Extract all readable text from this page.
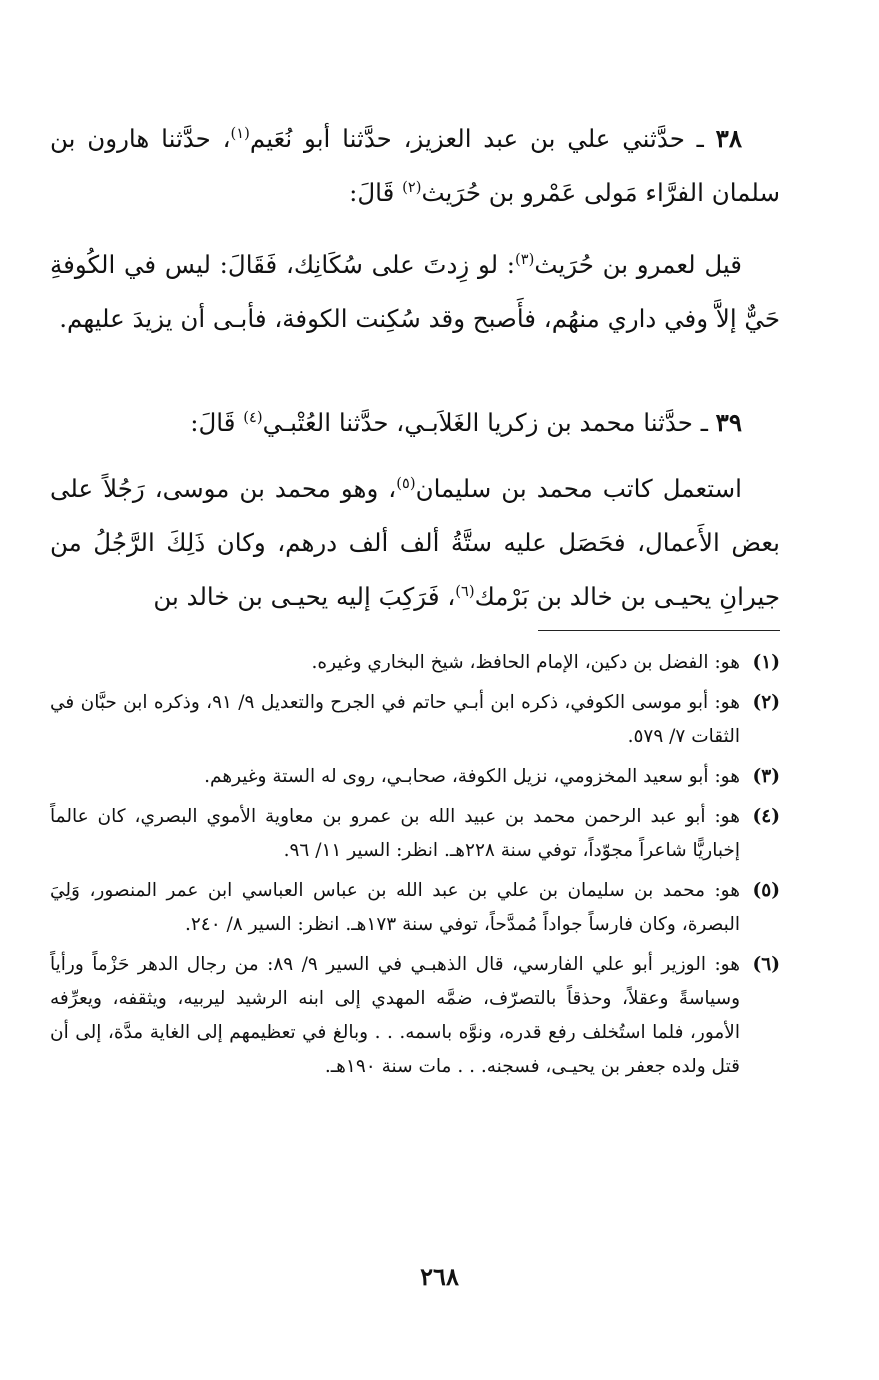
٣٨ ـ حدَّثني علي بن عبد العزيز، حدَّثنا أبو نُعَيم$^{(١)}$، حدَّثنا هارون بن سلمان الفرَّاء مَولى عَمْرو بن حُرَيث$^{(٢)}$ قَالَ:

قيل لعمرو بن حُرَيث$^{(٣)}$: لو زِدتَ على سُكَانِك، فَقَالَ: ليس في الكُوفةِ حَيٌّ إلاَّ وفي داري منهُم، فأَصبح وقد سُكِنت الكوفة، فأبـى أن يزيدَ عليهم.

٣٩ ـ حدَّثنا محمد بن زكريا الغَلاَبـي، حدَّثنا العُتْبـي$^{(٤)}$ قَالَ:

استعمل كاتب محمد بن سليمان$^{(٥)}$، وهو محمد بن موسى، رَجُلاً على بعض الأَعمال، فحَصَل عليه ستَّةُ ألف ألف درهم، وكان ذَلِكَ الرَّجُلُ من جيرانِ يحيـى بن خالد بن بَرْمك$^{(٦)}$، فَرَكِبَ إليه يحيـى بن خالد بن

(١)
هو: الفضل بن دكين، الإمام الحافظ، شيخ البخاري وغيره.
(٢)
هو: أبو موسى الكوفي، ذكره ابن أبـي حاتم في الجرح والتعديل ٩/ ٩١، وذكره ابن حبَّان في الثقات ٧/ ٥٧٩.
(٣)
هو: أبو سعيد المخزومي، نزيل الكوفة، صحابـي، روى له الستة وغيرهم.
(٤)
هو: أبو عبد الرحمن محمد بن عبيد الله بن عمرو بن معاوية الأموي البصري، كان عالماً إخباريًّا شاعراً مجوّداً، توفي سنة ٢٢٨هـ. انظر: السير ١١/ ٩٦.
(٥)
هو: محمد بن سليمان بن علي بن عبد الله بن عباس العباسي ابن عمر المنصور، وَلِيَ البصرة، وكان فارساً جواداً مُمدَّحاً، توفي سنة ١٧٣هـ. انظر: السير ٨/ ٢٤٠.
(٦)
هو: الوزير أبو علي الفارسي، قال الذهبـي في السير ٩/ ٨٩: من رجال الدهر حَزْماً ورأياً وسياسةً وعقلاً، وحذقاً بالتصرّف، ضمَّه المهدي إلى ابنه الرشيد ليربيه، ويثقفه، ويعرِّفه الأمور، فلما استُخلف رفع قدره، ونوَّه باسمه. . . وبالغ في تعظيمهم إلى الغاية مدَّة، إلى أن قتل ولده جعفر بن يحيـى، فسجنه. . . مات سنة ١٩٠هـ.
٢٦٨
